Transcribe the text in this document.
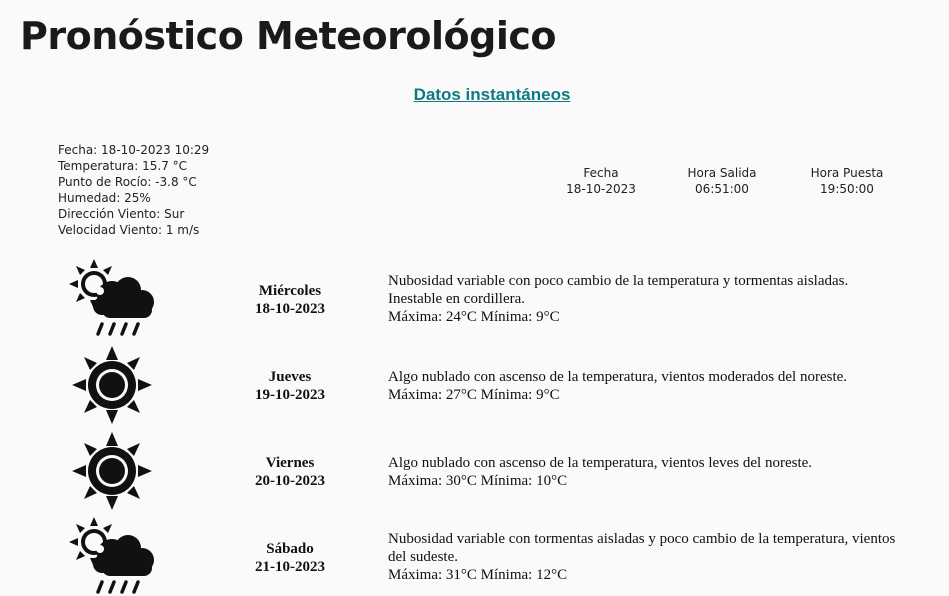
Pronóstico Meteorológico
Datos instantáneos
Fecha: 18-10-2023 10:29
Temperatura: 15.7 °C
Punto de Rocío: -3.8 °C
Humedad: 25%
Dirección Viento: Sur
Velocidad Viento: 1 m/s
Fecha
18-10-2023
Hora Salida
06:51:00
Hora Puesta
19:50:00
Miércoles
18-10-2023
Nubosidad variable con poco cambio de la temperatura y tormentas aisladas.
Inestable en cordillera.
Máxima: 24°C Mínima: 9°C
Jueves
19-10-2023
Algo nublado con ascenso de la temperatura, vientos moderados del noreste.
Máxima: 27°C Mínima: 9°C
Viernes
20-10-2023
Algo nublado con ascenso de la temperatura, vientos leves del noreste.
Máxima: 30°C Mínima: 10°C
Sábado
21-10-2023
Nubosidad variable con tormentas aisladas y poco cambio de la temperatura, vientos
del sudeste.
Máxima: 31°C Mínima: 12°C
